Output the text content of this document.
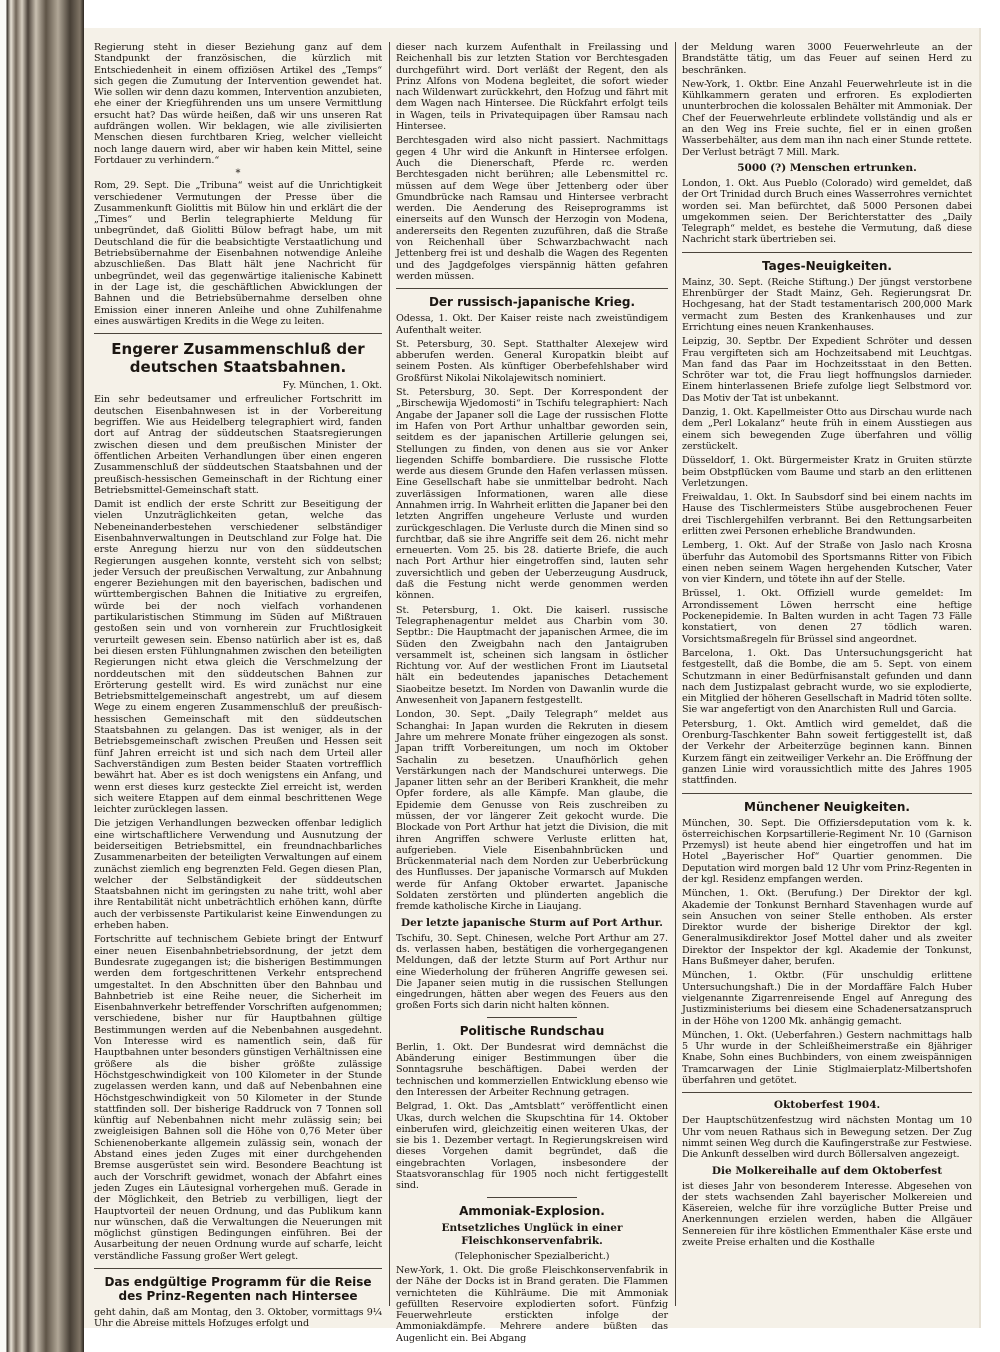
Regierung steht in dieser Beziehung ganz auf dem Standpunkt der französischen, die kürzlich mit Entschiedenheit in einem offiziösen Artikel des „Temps“ sich gegen die Zumutung der Intervention gewendet hat. Wie sollen wir denn dazu kommen, Intervention anzubieten, ehe einer der Kriegführenden uns um unsere Vermittlung ersucht hat? Das würde heißen, daß wir uns unseren Rat aufdrängen wollen. Wir beklagen, wie alle zivilisierten Menschen diesen furchtbaren Krieg, welcher vielleicht noch lange dauern wird, aber wir haben kein Mittel, seine Fortdauer zu verhindern.“

*

Rom, 29. Sept. Die „Tribuna“ weist auf die Unrichtigkeit verschiedener Vermutungen der Presse über die Zusammenkunft Giolittis mit Bülow hin und erklärt die der „Times“ und Berlin telegraphierte Meldung für unbegründet, daß Giolitti Bülow befragt habe, um mit Deutschland die für die beabsichtigte Verstaatlichung und Betriebsübernahme der Eisenbahnen notwendige Anleihe abzuschließen. Das Blatt hält jene Nachricht für unbegründet, weil das gegenwärtige italienische Kabinett in der Lage ist, die geschäftlichen Abwicklungen der Bahnen und die Betriebsübernahme derselben ohne Emission einer inneren Anleihe und ohne Zuhilfenahme eines auswärtigen Kredits in die Wege zu leiten.

Engerer Zusammenschluß der deutschen Staatsbahnen.

Fy. München, 1. Okt.

Ein sehr bedeutsamer und erfreulicher Fortschritt im deutschen Eisenbahnwesen ist in der Vorbereitung begriffen. Wie aus Heidelberg telegraphiert wird, fanden dort auf Antrag der süddeutschen Staatsregierungen zwischen diesen und dem preußischen Minister der öffentlichen Arbeiten Verhandlungen über einen engeren Zusammenschluß der süddeutschen Staatsbahnen und der preußisch-hessischen Gemeinschaft in der Richtung einer Betriebsmittel-Gemeinschaft statt.

Damit ist endlich der erste Schritt zur Beseitigung der vielen Unzuträglichkeiten getan, welche das Nebeneinanderbestehen verschiedener selbständiger Eisenbahnverwaltungen in Deutschland zur Folge hat. Die erste Anregung hierzu nur von den süddeutschen Regierungen ausgehen konnte, versteht sich von selbst; jeder Versuch der preußischen Verwaltung, zur Anbahnung engerer Beziehungen mit den bayerischen, badischen und württembergischen Bahnen die Initiative zu ergreifen, würde bei der noch vielfach vorhandenen partikularistischen Stimmung im Süden auf Mißtrauen gestoßen sein und von vornherein zur Fruchtlosigkeit verurteilt gewesen sein. Ebenso natürlich aber ist es, daß bei diesen ersten Fühlungnahmen zwischen den beteiligten Regierungen nicht etwa gleich die Verschmelzung der norddeutschen mit den süddeutschen Bahnen zur Erörterung gestellt wird. Es wird zunächst nur eine Betriebsmittelgemeinschaft angestrebt, um auf diesem Wege zu einem engeren Zusammenschluß der preußisch-hessischen Gemeinschaft mit den süddeutschen Staatsbahnen zu gelangen. Das ist weniger, als in der Betriebsgemeinschaft zwischen Preußen und Hessen seit fünf Jahren erreicht ist und sich nach dem Urteil aller Sachverständigen zum Besten beider Staaten vortrefflich bewährt hat. Aber es ist doch wenigstens ein Anfang, und wenn erst dieses kurz gesteckte Ziel erreicht ist, werden sich weitere Etappen auf dem einmal beschrittenen Wege leichter zurücklegen lassen.

Die jetzigen Verhandlungen bezwecken offenbar lediglich eine wirtschaftlichere Verwendung und Ausnutzung der beiderseitigen Betriebsmittel, ein freundnachbarliches Zusammenarbeiten der beteiligten Verwaltungen auf einem zunächst ziemlich eng begrenzten Feld. Gegen diesen Plan, welcher der Selbständigkeit der süddeutschen Staatsbahnen nicht im geringsten zu nahe tritt, wohl aber ihre Rentabilität nicht unbeträchtlich erhöhen kann, dürfte auch der verbissenste Partikularist keine Einwendungen zu erheben haben.

Fortschritte auf technischem Gebiete bringt der Entwurf einer neuen Eisenbahnbetriebsordnung, der jetzt dem Bundesrate zugegangen ist; die bisherigen Bestimmungen werden dem fortgeschrittenen Verkehr entsprechend umgestaltet. In den Abschnitten über den Bahnbau und Bahnbetrieb ist eine Reihe neuer, die Sicherheit im Eisenbahnverkehr betreffender Vorschriften aufgenommen; verschiedene, bisher nur für Hauptbahnen gültige Bestimmungen werden auf die Nebenbahnen ausgedehnt. Von Interesse wird es namentlich sein, daß für Hauptbahnen unter besonders günstigen Verhältnissen eine größere als die bisher größte zulässige Höchstgeschwindigkeit von 100 Kilometer in der Stunde zugelassen werden kann, und daß auf Nebenbahnen eine Höchstgeschwindigkeit von 50 Kilometer in der Stunde stattfinden soll. Der bisherige Raddruck von 7 Tonnen soll künftig auf Nebenbahnen nicht mehr zulässig sein; bei zweigleisigen Bahnen soll die Höhe von 0,76 Meter über Schienenoberkante allgemein zulässig sein, wonach der Abstand eines jeden Zuges mit einer durchgehenden Bremse ausgerüstet sein wird. Besondere Beachtung ist auch der Vorschrift gewidmet, wonach der Abfahrt eines jeden Zuges ein Läutesignal vorhergehen muß. Gerade in der Möglichkeit, den Betrieb zu verbilligen, liegt der Hauptvorteil der neuen Ordnung, und das Publikum kann nur wünschen, daß die Verwaltungen die Neuerungen mit möglichst günstigen Bedingungen einführen. Bei der Ausarbeitung der neuen Ordnung wurde auf scharfe, leicht verständliche Fassung großer Wert gelegt.

Das endgültige Programm für die Reise des Prinz-Regenten nach Hintersee

geht dahin, daß am Montag, den 3. Oktober, vormittags 9¼ Uhr die Abreise mittels Hofzuges erfolgt und

dieser nach kurzem Aufenthalt in Freilassing und Reichenhall bis zur letzten Station vor Berchtesgaden durchgeführt wird. Dort verläßt der Regent, den als Prinz Alfons von Modena begleitet, die sofort wieder nach Wildenwart zurückkehrt, den Hofzug und fährt mit dem Wagen nach Hintersee. Die Rückfahrt erfolgt teils in Wagen, teils in Privatequipagen über Ramsau nach Hintersee.

Berchtesgaden wird also nicht passiert. Nachmittags gegen 4 Uhr wird die Ankunft in Hintersee erfolgen. Auch die Dienerschaft, Pferde rc. werden Berchtesgaden nicht berühren; alle Lebensmittel rc. müssen auf dem Wege über Jettenberg oder über Gmundbrücke nach Ramsau und Hintersee verbracht werden. Die Aenderung des Reiseprogramms ist einerseits auf den Wunsch der Herzogin von Modena, andererseits den Regenten zuzuführen, daß die Straße von Reichenhall über Schwarzbachwacht nach Jettenberg frei ist und deshalb die Wagen des Regenten und des Jagdgefolges vierspännig hätten gefahren werden müssen.

Der russisch-japanische Krieg.

Odessa, 1. Okt. Der Kaiser reiste nach zweistündigem Aufenthalt weiter.

St. Petersburg, 30. Sept. Statthalter Alexejew wird abberufen werden. General Kuropatkin bleibt auf seinem Posten. Als künftiger Oberbefehlshaber wird Großfürst Nikolai Nikolajewitsch nominiert.

St. Petersburg, 30. Sept. Der Korrespondent der „Birschewija Wjedomosti“ in Tschifu telegraphiert: Nach Angabe der Japaner soll die Lage der russischen Flotte im Hafen von Port Arthur unhaltbar geworden sein, seitdem es der japanischen Artillerie gelungen sei, Stellungen zu finden, von denen aus sie vor Anker liegenden Schiffe bombardiere. Die russische Flotte werde aus diesem Grunde den Hafen verlassen müssen. Eine Gesellschaft habe sie unmittelbar bedroht. Nach zuverlässigen Informationen, waren alle diese Annahmen irrig. In Wahrheit erlitten die Japaner bei den letzten Angriffen ungeheure Verluste und wurden zurückgeschlagen. Die Verluste durch die Minen sind so furchtbar, daß sie ihre Angriffe seit dem 26. nicht mehr erneuerten. Vom 25. bis 28. datierte Briefe, die auch nach Port Arthur hier eingetroffen sind, lauten sehr zuversichtlich und geben der Ueberzeugung Ausdruck, daß die Festung nicht werde genommen werden können.

St. Petersburg, 1. Okt. Die kaiserl. russische Telegraphenagentur meldet aus Charbin vom 30. Septbr.: Die Hauptmacht der japanischen Armee, die im Süden den Zweigbahn nach den Jantaigruben versammelt ist, scheinen sich langsam in östlicher Richtung vor. Auf der westlichen Front im Liautsetal hält ein bedeutendes japanisches Detachement Siaobeitze besetzt. Im Norden von Dawanlin wurde die Anwesenheit von Japanern festgestellt.

London, 30. Sept. „Daily Telegraph“ meldet aus Schanghai: In Japan wurden die Rekruten in diesem Jahre um mehrere Monate früher eingezogen als sonst. Japan trifft Vorbereitungen, um noch im Oktober Sachalin zu besetzen. Unaufhörlich gehen Verstärkungen nach der Mandschurei unterwegs. Die Japaner litten sehr an der Beriberi Krankheit, die mehr Opfer fordere, als alle Kämpfe. Man glaube, die Epidemie dem Genusse von Reis zuschreiben zu müssen, der vor längerer Zeit gekocht wurde. Die Blockade von Port Arthur hat jetzt die Division, die mit ihren Angriffen schwere Verluste erlitten hat, aufgerieben. Viele Eisenbahnbrücken und Brückenmaterial nach dem Norden zur Ueberbrückung des Hunflusses. Der japanische Vormarsch auf Mukden werde für Anfang Oktober erwartet. Japanische Soldaten zerstörten und plünderten angeblich die fremde katholische Kirche in Liaujang.

Der letzte japanische Sturm auf Port Arthur.

Tschifu, 30. Sept. Chinesen, welche Port Arthur am 27. ds. verlassen haben, bestätigen die vorhergegangenen Meldungen, daß der letzte Sturm auf Port Arthur nur eine Wiederholung der früheren Angriffe gewesen sei. Die Japaner seien mutig in die russischen Stellungen eingedrungen, hätten aber wegen des Feuers aus den großen Forts sich darin nicht halten können.

Politische Rundschau

Berlin, 1. Okt. Der Bundesrat wird demnächst die Abänderung einiger Bestimmungen über die Sonntagsruhe beschäftigen. Dabei werden der technischen und kommerziellen Entwicklung ebenso wie den Interessen der Arbeiter Rechnung getragen.

Belgrad, 1. Okt. Das „Amtsblatt“ veröffentlicht einen Ukas, durch welchen die Skupschtina für 14. Oktober einberufen wird, gleichzeitig einen weiteren Ukas, der sie bis 1. Dezember vertagt. In Regierungskreisen wird dieses Vorgehen damit begründet, daß die eingebrachten Vorlagen, insbesondere der Staatsvoranschlag für 1905 noch nicht fertiggestellt sind.

Ammoniak-Explosion.
Entsetzliches Unglück in einer Fleischkonservenfabrik.

(Telephonischer Spezialbericht.)

New-York, 1. Okt. Die große Fleischkonservenfabrik in der Nähe der Docks ist in Brand geraten. Die Flammen vernichteten die Kühlräume. Die mit Ammoniak gefüllten Reservoire explodierten sofort. Fünfzig Feuerwehrleute erstickten infolge der Ammoniakdämpfe. Mehrere andere büßten das Augenlicht ein. Bei Abgang

der Meldung waren 3000 Feuerwehrleute an der Brandstätte tätig, um das Feuer auf seinen Herd zu beschränken.

New-York, 1. Oktbr. Eine Anzahl Feuerwehrleute ist in die Kühlkammern geraten und erfroren. Es explodierten ununterbrochen die kolossalen Behälter mit Ammoniak. Der Chef der Feuerwehrleute erblindete vollständig und als er an den Weg ins Freie suchte, fiel er in einen großen Wasserbehälter, aus dem man ihn nach einer Stunde rettete. Der Verlust beträgt 7 Mill. Mark.

5000 (?) Menschen ertrunken.

London, 1. Okt. Aus Pueblo (Colorado) wird gemeldet, daß der Ort Trinidad durch Bruch eines Wasserrohres vernichtet worden sei. Man befürchtet, daß 5000 Personen dabei umgekommen seien. Der Berichterstatter des „Daily Telegraph“ meldet, es bestehe die Vermutung, daß diese Nachricht stark übertrieben sei.

Tages-Neuigkeiten.

Mainz, 30. Sept. (Reiche Stiftung.) Der jüngst verstorbene Ehrenbürger der Stadt Mainz, Geh. Regierungsrat Dr. Hochgesang, hat der Stadt testamentarisch 200,000 Mark vermacht zum Besten des Krankenhauses und zur Errichtung eines neuen Krankenhauses.

Leipzig, 30. Septbr. Der Expedient Schröter und dessen Frau vergifteten sich am Hochzeitsabend mit Leuchtgas. Man fand das Paar im Hochzeitsstaat in den Betten. Schröter war tot, die Frau liegt hoffnungslos darnieder. Einem hinterlassenen Briefe zufolge liegt Selbstmord vor. Das Motiv der Tat ist unbekannt.

Danzig, 1. Okt. Kapellmeister Otto aus Dirschau wurde nach dem „Perl Lokalanz“ heute früh in einem Ausstiegen aus einem sich bewegenden Zuge überfahren und völlig zerstückelt.

Düsseldorf, 1. Okt. Bürgermeister Kratz in Gruiten stürzte beim Obstpflücken vom Baume und starb an den erlittenen Verletzungen.

Freiwaldau, 1. Okt. In Saubsdorf sind bei einem nachts im Hause des Tischlermeisters Stübe ausgebrochenen Feuer drei Tischlergehilfen verbrannt. Bei den Rettungsarbeiten erlitten zwei Personen erhebliche Brandwunden.

Lemberg, 1. Okt. Auf der Straße von Jaslo nach Krosna überfuhr das Automobil des Sportsmanns Ritter von Fibich einen neben seinem Wagen hergehenden Kutscher, Vater von vier Kindern, und tötete ihn auf der Stelle.

Brüssel, 1. Okt. Offiziell wurde gemeldet: Im Arrondissement Löwen herrscht eine heftige Pockenepidemie. In Balten wurden in acht Tagen 73 Fälle konstatiert, von denen 27 tödlich waren. Vorsichtsmaßregeln für Brüssel sind angeordnet.

Barcelona, 1. Okt. Das Untersuchungsgericht hat festgestellt, daß die Bombe, die am 5. Sept. von einem Schutzmann in einer Bedürfnisanstalt gefunden und dann nach dem Justizpalast gebracht wurde, wo sie explodierte, ein Mitglied der höheren Gesellschaft in Madrid töten sollte. Sie war angefertigt von den Anarchisten Rull und Garcia.

Petersburg, 1. Okt. Amtlich wird gemeldet, daß die Orenburg-Taschkenter Bahn soweit fertiggestellt ist, daß der Verkehr der Arbeiterzüge beginnen kann. Binnen Kurzem fängt ein zeitweiliger Verkehr an. Die Eröffnung der ganzen Linie wird voraussichtlich mitte des Jahres 1905 stattfinden.

Münchener Neuigkeiten.

München, 30. Sept. Die Offiziersdeputation vom k. k. österreichischen Korpsartillerie-Regiment Nr. 10 (Garnison Przemysl) ist heute abend hier eingetroffen und hat im Hotel „Bayerischer Hof“ Quartier genommen. Die Deputation wird morgen bald 12 Uhr vom Prinz-Regenten in der kgl. Residenz empfangen werden.

München, 1. Okt. (Berufung.) Der Direktor der kgl. Akademie der Tonkunst Bernhard Stavenhagen wurde auf sein Ansuchen von seiner Stelle enthoben. Als erster Direktor wurde der bisherige Direktor der kgl. Generalmusikdirektor Josef Mottel daher und als zweiter Direktor der Inspektor der kgl. Akademie der Tonkunst, Hans Bußmeyer daher, berufen.

München, 1. Oktbr. (Für unschuldig erlittene Untersuchungshaft.) Die in der Mordaffäre Falch Huber vielgenannte Zigarrenreisende Engel auf Anregung des Justizministeriums bei diesem eine Schadenersatzanspruch in der Höhe von 1200 Mk. anhängig gemacht.

München, 1. Okt. (Ueberfahren.) Gestern nachmittags halb 5 Uhr wurde in der Schleißheimerstraße ein 8jähriger Knabe, Sohn eines Buchbinders, von einem zweispännigen Tramcarwagen der Linie Stiglmaierplatz-Milbertshofen überfahren und getötet.

Oktoberfest 1904.

Der Hauptschützenfestzug wird nächsten Montag um 10 Uhr vom neuen Rathaus sich in Bewegung setzen. Der Zug nimmt seinen Weg durch die Kaufingerstraße zur Festwiese. Die Ankunft desselben wird durch Böllersalven angezeigt.

Die Molkereihalle auf dem Oktoberfest

ist dieses Jahr von besonderem Interesse. Abgesehen von der stets wachsenden Zahl bayerischer Molkereien und Käsereien, welche für ihre vorzügliche Butter Preise und Anerkennungen erzielen werden, haben die Allgäuer Sennereien für ihre köstlichen Emmenthaler Käse erste und zweite Preise erhalten und die Kosthalle
